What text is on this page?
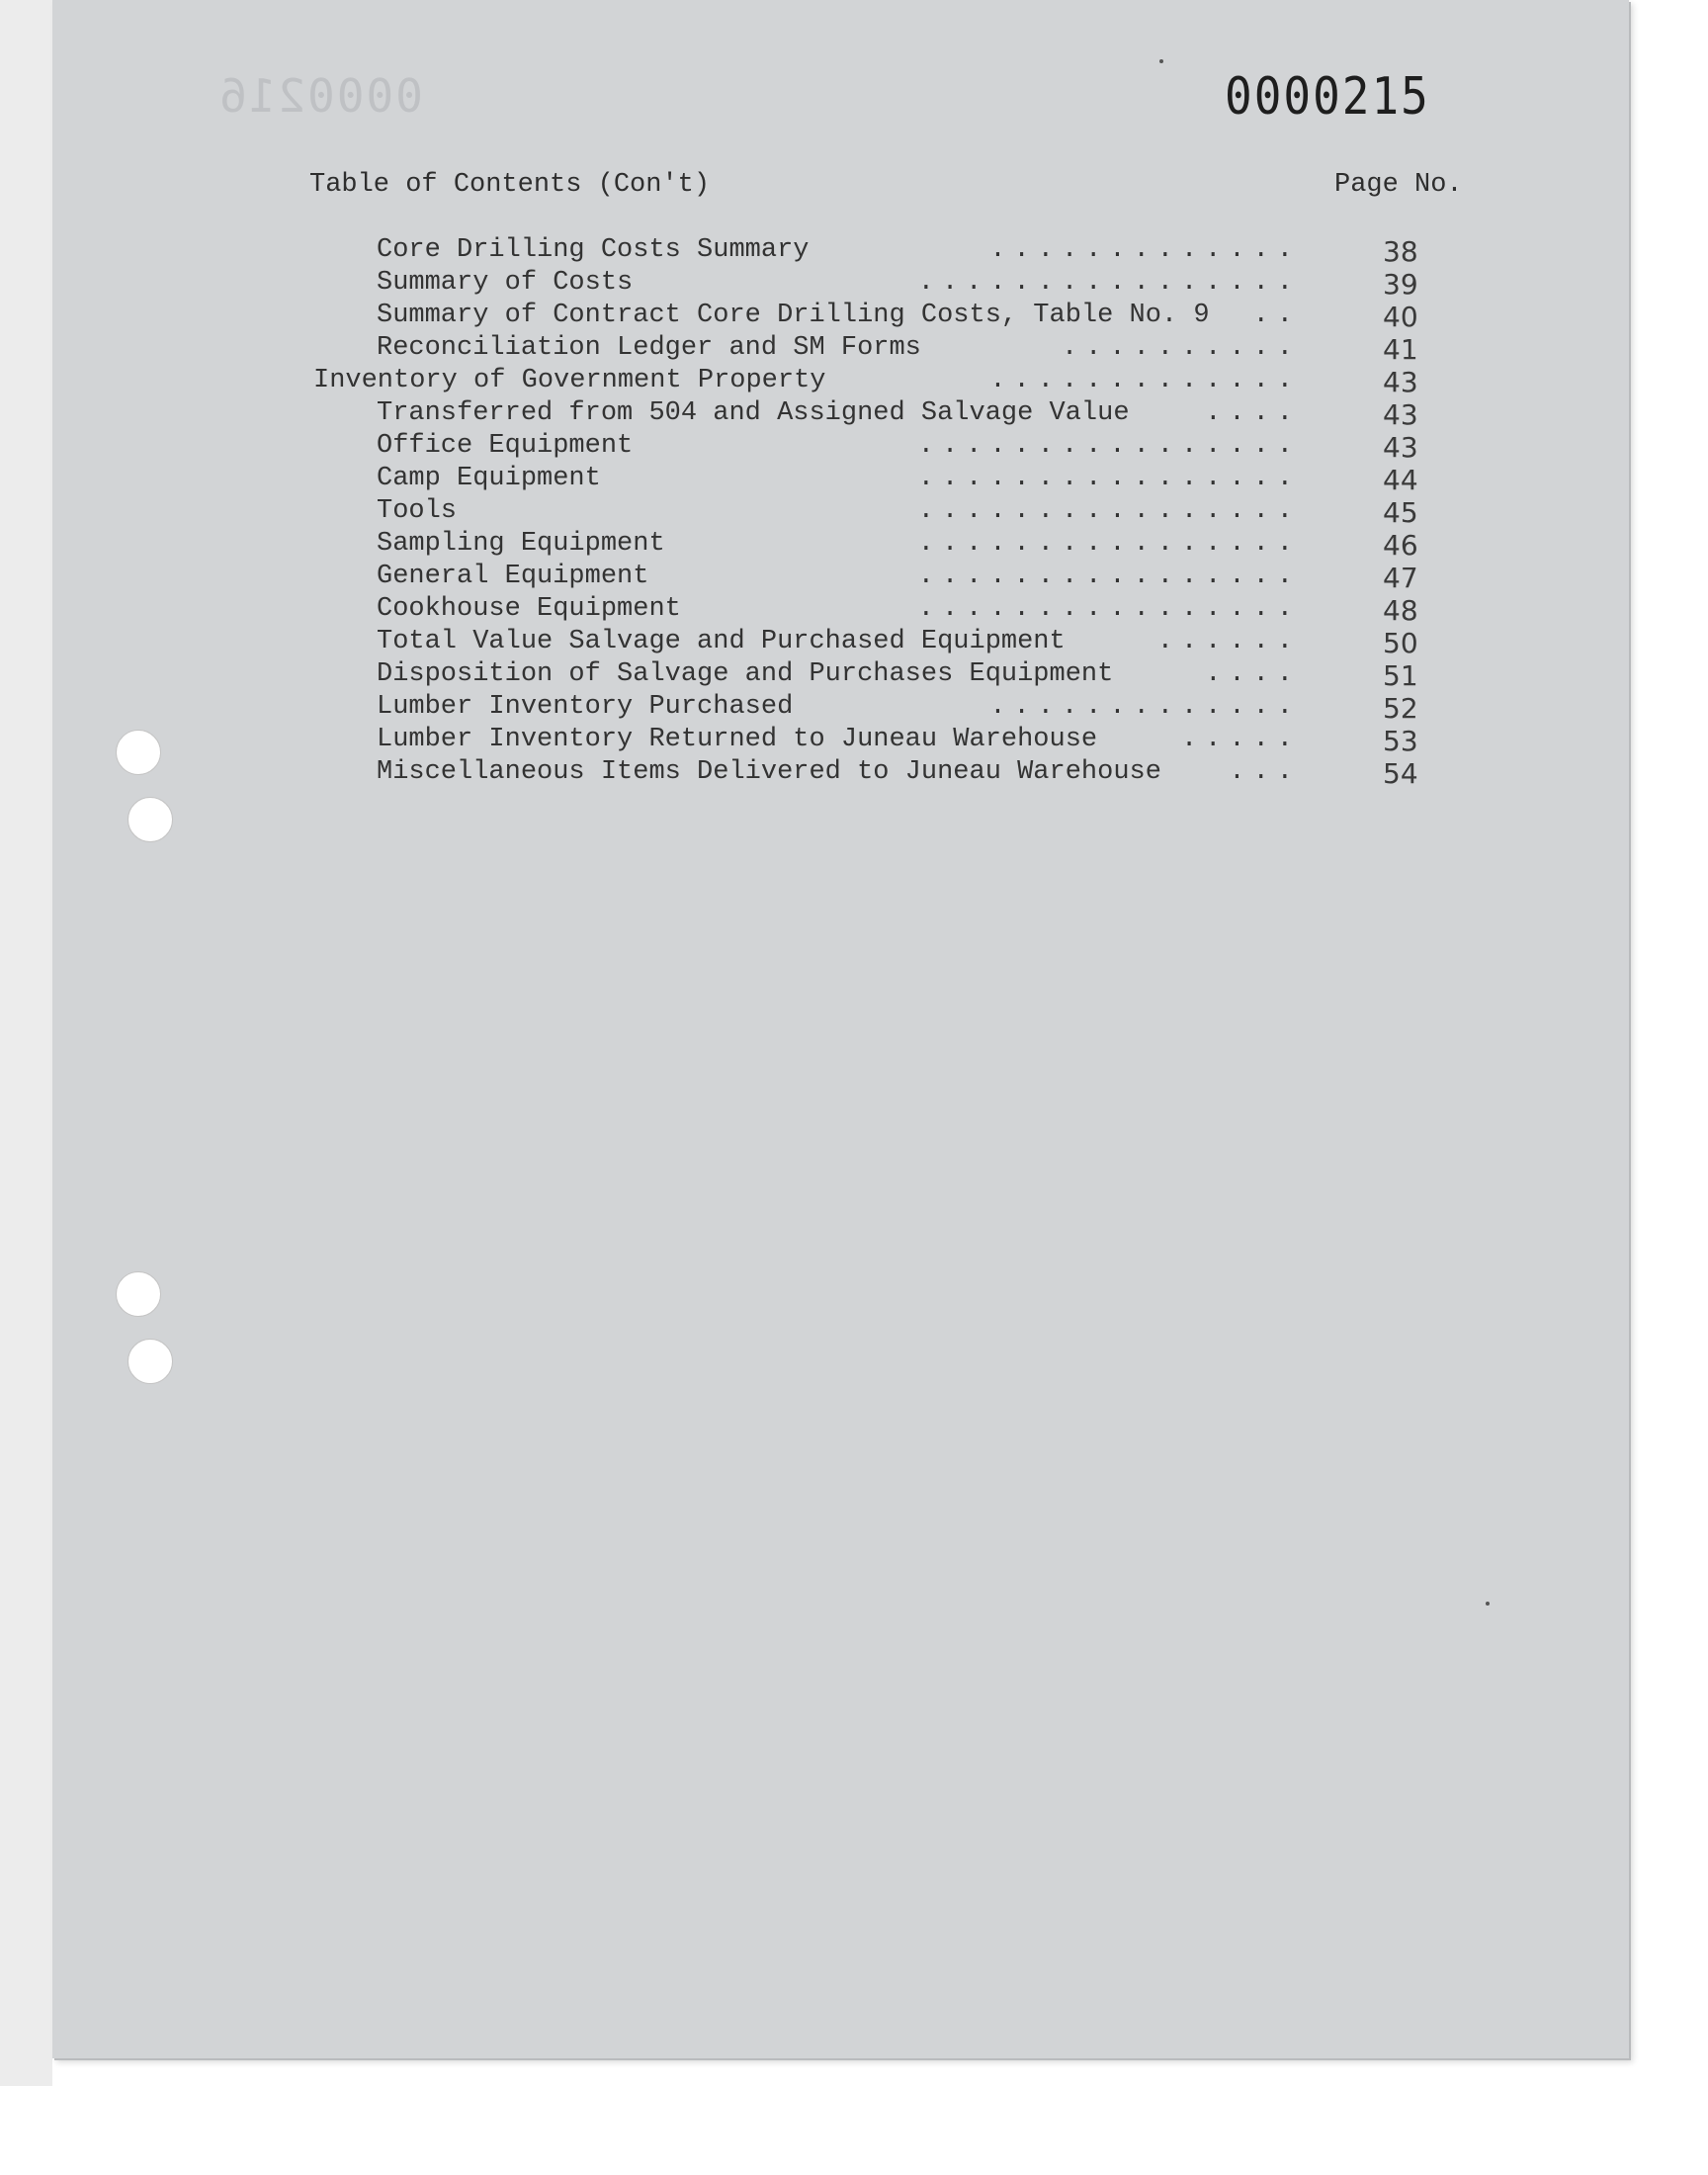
0000216	0000215
Table of Contents (Con't)	Page No.
Core Drilling Costs Summary	.............	38
Summary of Costs	................	39
Summary of Contract Core Drilling Costs, Table No. 9 ..	40
Reconciliation Ledger and SM Forms	..........	41
Inventory of Government Property	.............	43
Transferred from 504 and Assigned Salvage Value	....	43
Office Equipment	................	43
Camp Equipment	................	44
Tools	................	45
Sampling Equipment	................	46
General Equipment	................	47
Cookhouse Equipment	................	48
Total Value Salvage and Purchased Equipment	......	50
Disposition of Salvage and Purchases Equipment	....	51
Lumber Inventory Purchased	.............	52
Lumber Inventory Returned to Juneau Warehouse	.....	53
Miscellaneous Items Delivered to Juneau Warehouse	...	54
